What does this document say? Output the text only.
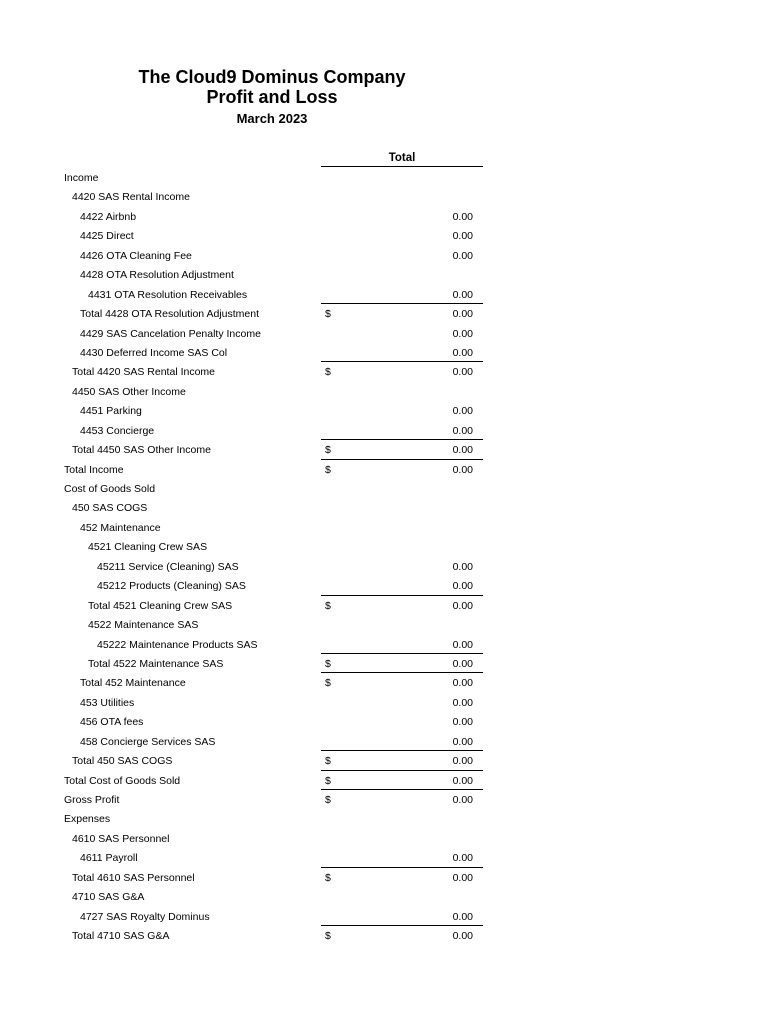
The Cloud9 Dominus Company
Profit and Loss
March 2023
Total
Income
4420 SAS Rental Income
4422 Airbnb	0.00
4425 Direct	0.00
4426 OTA Cleaning Fee	0.00
4428 OTA Resolution Adjustment
4431 OTA Resolution Receivables	0.00
Total 4428 OTA Resolution Adjustment	$	0.00
4429 SAS Cancelation Penalty Income	0.00
4430 Deferred Income SAS Col	0.00
Total 4420 SAS Rental Income	$	0.00
4450 SAS Other Income
4451 Parking	0.00
4453 Concierge	0.00
Total 4450 SAS Other Income	$	0.00
Total Income	$	0.00
Cost of Goods Sold
450 SAS COGS
452 Maintenance
4521 Cleaning Crew SAS
45211 Service (Cleaning) SAS	0.00
45212 Products (Cleaning) SAS	0.00
Total 4521 Cleaning Crew SAS	$	0.00
4522 Maintenance SAS
45222 Maintenance Products SAS	0.00
Total 4522 Maintenance SAS	$	0.00
Total 452 Maintenance	$	0.00
453 Utilities	0.00
456 OTA fees	0.00
458 Concierge Services SAS	0.00
Total 450 SAS COGS	$	0.00
Total Cost of Goods Sold	$	0.00
Gross Profit	$	0.00
Expenses
4610 SAS Personnel
4611 Payroll	0.00
Total 4610 SAS Personnel	$	0.00
4710 SAS G&A
4727 SAS Royalty Dominus	0.00
Total 4710 SAS G&A	$	0.00
